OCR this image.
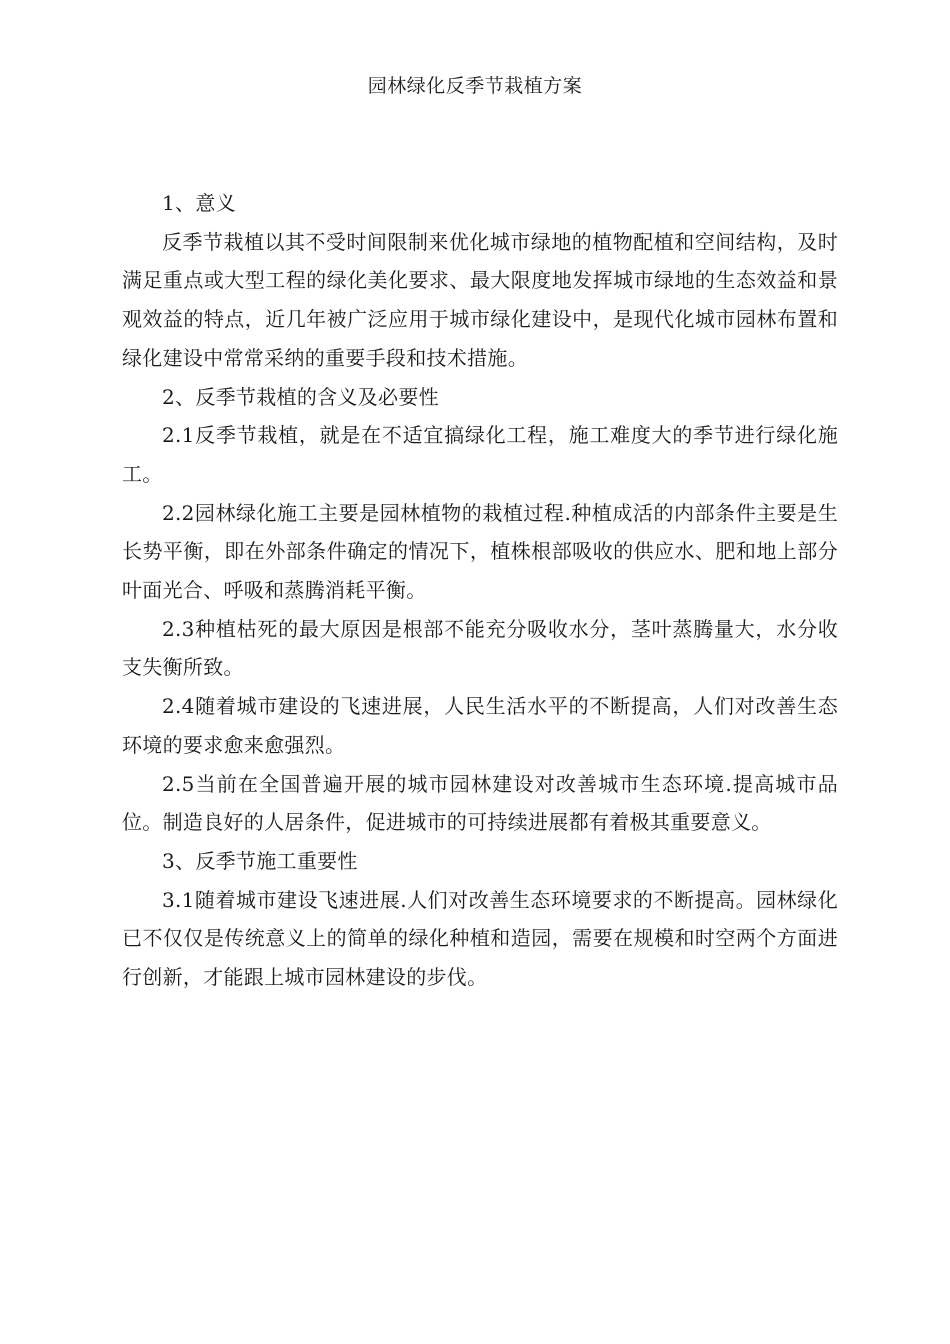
园林绿化反季节栽植方案

1、意义

反季节栽植以其不受时间限制来优化城市绿地的植物配植和空间结构，及时满足重点或大型工程的绿化美化要求、最大限度地发挥城市绿地的生态效益和景观效益的特点，近几年被广泛应用于城市绿化建设中，是现代化城市园林布置和绿化建设中常常采纳的重要手段和技术措施。

2、反季节栽植的含义及必要性

2.1反季节栽植，就是在不适宜搞绿化工程，施工难度大的季节进行绿化施工。

2.2园林绿化施工主要是园林植物的栽植过程.种植成活的内部条件主要是生长势平衡，即在外部条件确定的情况下，植株根部吸收的供应水、肥和地上部分叶面光合、呼吸和蒸腾消耗平衡。

2.3种植枯死的最大原因是根部不能充分吸收水分，茎叶蒸腾量大，水分收支失衡所致。

2.4随着城市建设的飞速进展，人民生活水平的不断提高，人们对改善生态环境的要求愈来愈强烈。

2.5当前在全国普遍开展的城市园林建设对改善城市生态环境.提高城市品位。制造良好的人居条件，促进城市的可持续进展都有着极其重要意义。

3、反季节施工重要性

3.1随着城市建设飞速进展.人们对改善生态环境要求的不断提高。园林绿化已不仅仅是传统意义上的简单的绿化种植和造园，需要在规模和时空两个方面进行创新，才能跟上城市园林建设的步伐。
